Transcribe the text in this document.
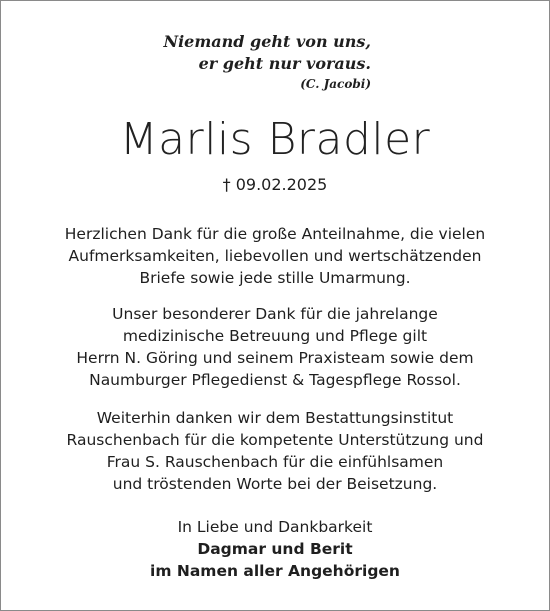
Niemand geht von uns,
er geht nur voraus.
(C. Jacobi)
Marlis Bradler
† 09.02.2025
Herzlichen Dank für die große Anteilnahme, die vielen
Aufmerksamkeiten, liebevollen und wertschätzenden
Briefe sowie jede stille Umarmung.
Unser besonderer Dank für die jahrelange
medizinische Betreuung und Pflege gilt
Herrn N. Göring und seinem Praxisteam sowie dem
Naumburger Pflegedienst & Tagespflege Rossol.
Weiterhin danken wir dem Bestattungsinstitut
Rauschenbach für die kompetente Unterstützung und
Frau S. Rauschenbach für die einfühlsamen
und tröstenden Worte bei der Beisetzung.
In Liebe und Dankbarkeit
Dagmar und Berit
im Namen aller Angehörigen
